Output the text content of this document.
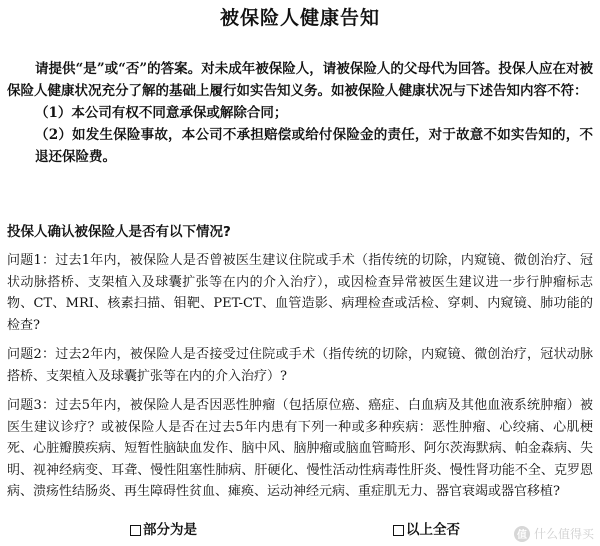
被保险人健康告知

请提供“是”或“否”的答案。对未成年被保险人，请被保险人的父母代为回答。投保人应在对被保险人健康状况充分了解的基础上履行如实告知义务。如被保险人健康状况与下述告知内容不符：

（1）本公司有权不同意承保或解除合同；

（2）如发生保险事故，本公司不承担赔偿或给付保险金的责任，对于故意不如实告知的，不退还保险费。

投保人确认被保险人是否有以下情况?

问题1：过去1年内，被保险人是否曾被医生建议住院或手术（指传统的切除，内窥镜、微创治疗、冠状动脉搭桥、支架植入及球囊扩张等在内的介入治疗），或因检查异常被医生建议进一步行肿瘤标志物、CT、MRI、核素扫描、钼靶、PET-CT、血管造影、病理检查或活检、穿刺、内窥镜、肺功能的检查?

问题2：过去2年内，被保险人是否接受过住院或手术（指传统的切除，内窥镜、微创治疗，冠状动脉搭桥、支架植入及球囊扩张等在内的介入治疗）?

问题3：过去5年内，被保险人是否因恶性肿瘤（包括原位癌、癌症、白血病及其他血液系统肿瘤）被医生建议诊疗？或被保险人是否在过去5年内患有下列一种或多种疾病：恶性肿瘤、心绞痛、心肌梗死、心脏瓣膜疾病、短暂性脑缺血发作、脑中风、脑肿瘤或脑血管畸形、阿尔茨海默病、帕金森病、失明、视神经病变、耳聋、慢性阻塞性肺病、肝硬化、慢性活动性病毒性肝炎、慢性肾功能不全、克罗恩病、溃疡性结肠炎、再生障碍性贫血、瘫痪、运动神经元病、重症肌无力、器官衰竭或器官移植?

部分为是	以上全否	值 什么值得买
